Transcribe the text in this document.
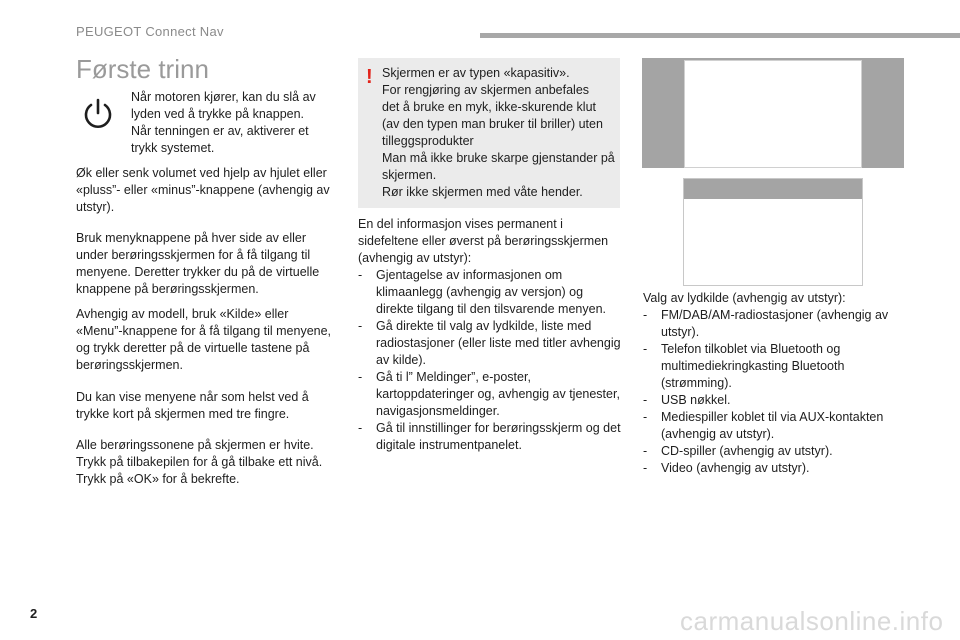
PEUGEOT Connect Nav
Første trinn
Når motoren kjører, kan du slå av
lyden ved å trykke på knappen.
Når tenningen er av, aktiverer et
trykk systemet.
Øk eller senk volumet ved hjelp av hjulet eller
«pluss”- eller «minus”-knappene (avhengig av
utstyr).
Bruk menyknappene på hver side av eller
under berøringsskjermen for å få tilgang til
menyene. Deretter trykker du på de virtuelle
knappene på berøringsskjermen.
Avhengig av modell, bruk «Kilde» eller
«Menu”-knappene for å få tilgang til menyene,
og trykk deretter på de virtuelle tastene på
berøringsskjermen.
Du kan vise menyene når som helst ved å
trykke kort på skjermen med tre fingre.
Alle berøringssonene på skjermen er hvite.
Trykk på tilbakepilen for å gå tilbake ett nivå.
Trykk på «OK» for å bekrefte.
! Skjermen er av typen «kapasitiv».
For rengjøring av skjermen anbefales
det å bruke en myk, ikke-skurende klut
(av den typen man bruker til briller) uten
tilleggsprodukter
Man må ikke bruke skarpe gjenstander på
skjermen.
Rør ikke skjermen med våte hender.
En del informasjon vises permanent i
sidefeltene eller øverst på berøringsskjermen
(avhengig av utstyr):
- Gjentagelse av informasjonen om
klimaanlegg (avhengig av versjon) og
direkte tilgang til den tilsvarende menyen.
- Gå direkte til valg av lydkilde, liste med
radiostasjoner (eller liste med titler avhengig
av kilde).
- Gå ti l” Meldinger”, e-poster,
kartoppdateringer og, avhengig av tjenester,
navigasjonsmeldinger.
- Gå til innstillinger for berøringsskjerm og det
digitale instrumentpanelet.
Valg av lydkilde (avhengig av utstyr):
- FM/DAB/AM-radiostasjoner (avhengig av
utstyr).
- Telefon tilkoblet via Bluetooth og
multimediekringkasting Bluetooth
(strømming).
- USB nøkkel.
- Mediespiller koblet til via AUX-kontakten
(avhengig av utstyr).
- CD-spiller (avhengig av utstyr).
- Video (avhengig av utstyr).
2	carmanualsonline.info
